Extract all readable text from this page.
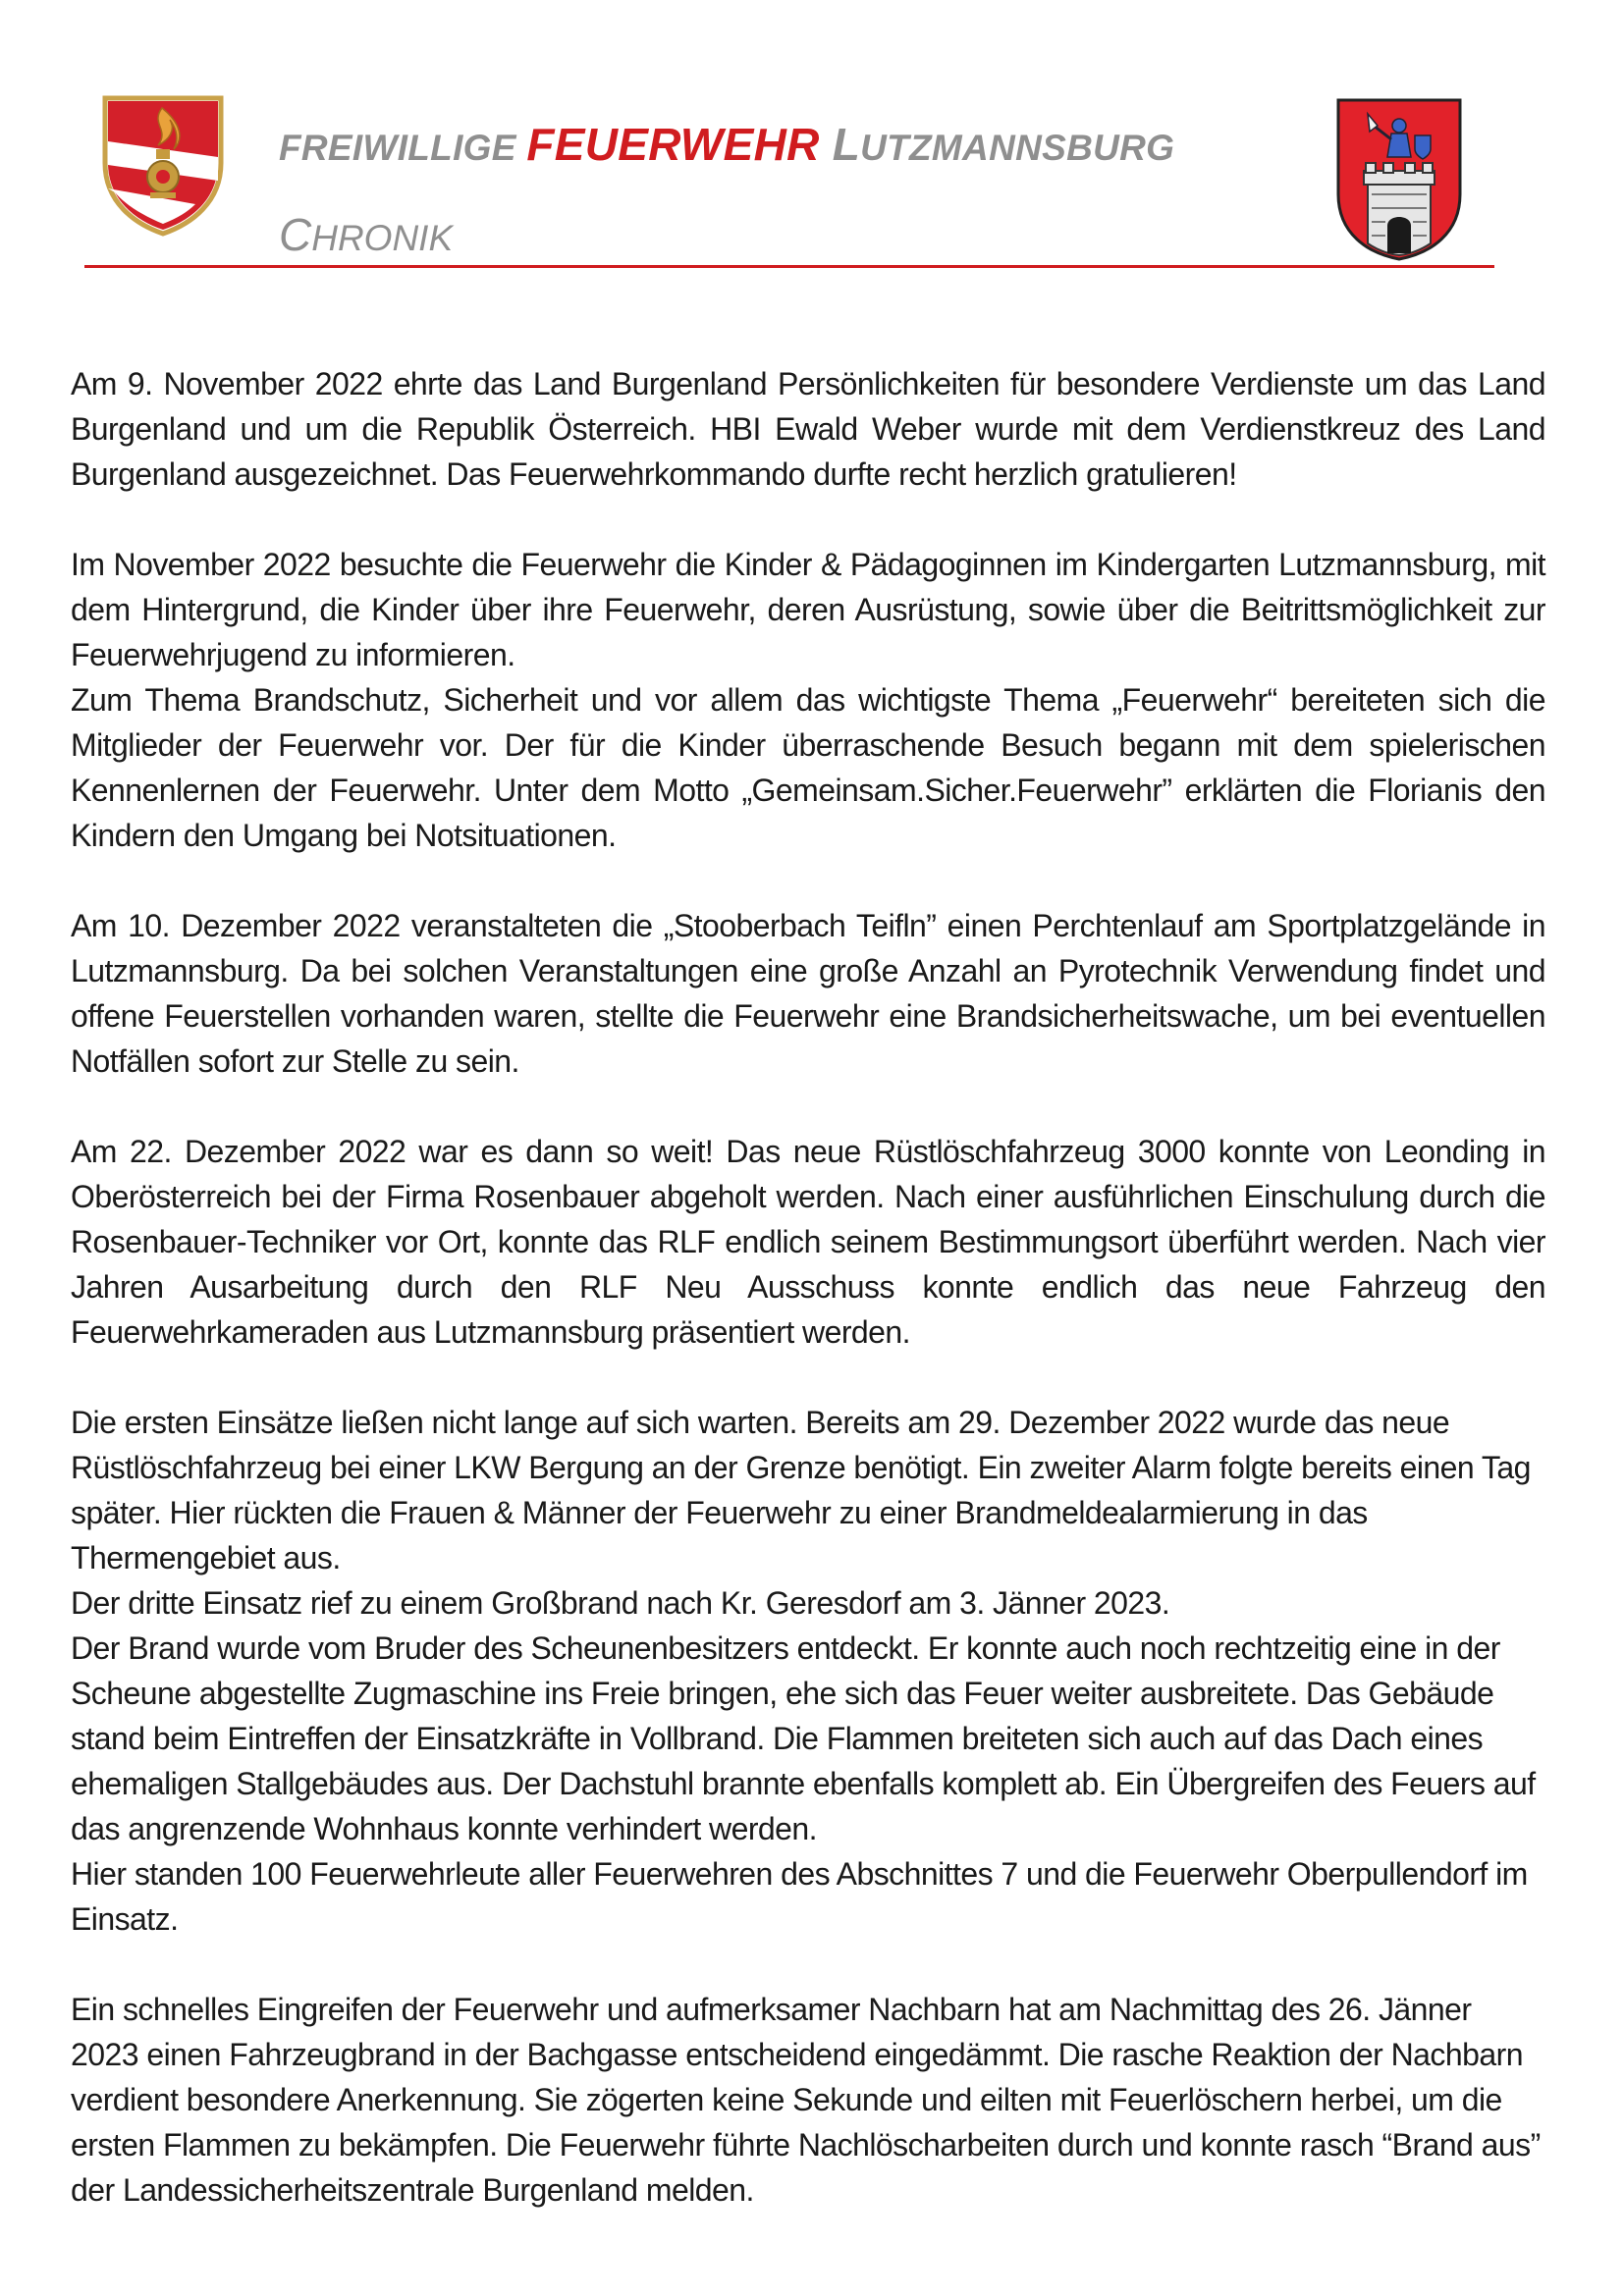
FREIWILLIGE FEUERWEHR LUTZMANNSBURG
CHRONIK

Am 9. November 2022 ehrte das Land Burgenland Persönlichkeiten für besondere Verdienste um das Land Burgenland und um die Republik Österreich. HBI Ewald Weber wurde mit dem Verdienstkreuz des Land Burgenland ausgezeichnet. Das Feuerwehrkommando durfte recht herzlich gratulieren!

Im November 2022 besuchte die Feuerwehr die Kinder & Pädagoginnen im Kindergarten Lutzmannsburg, mit dem Hintergrund, die Kinder über ihre Feuerwehr, deren Ausrüstung, sowie über die Beitrittsmöglichkeit zur Feuerwehrjugend zu informieren.
Zum Thema Brandschutz, Sicherheit und vor allem das wichtigste Thema „Feuerwehr“ bereiteten sich die Mitglieder der Feuerwehr vor. Der für die Kinder überraschende Besuch begann mit dem spielerischen Kennenlernen der Feuerwehr. Unter dem Motto „Gemeinsam.Sicher.Feuerwehr” erklärten die Florianis den Kindern den Umgang bei Notsituationen.

Am 10. Dezember 2022 veranstalteten die „Stooberbach Teifln” einen Perchtenlauf am Sportplatzgelände in Lutzmannsburg. Da bei solchen Veranstaltungen eine große Anzahl an Pyrotechnik Verwendung findet und offene Feuerstellen vorhanden waren, stellte die Feuerwehr eine Brandsicherheitswache, um bei eventuellen Notfällen sofort zur Stelle zu sein.

Am 22. Dezember 2022 war es dann so weit! Das neue Rüstlöschfahrzeug 3000 konnte von Leonding in Oberösterreich bei der Firma Rosenbauer abgeholt werden. Nach einer ausführlichen Einschulung durch die Rosenbauer-Techniker vor Ort, konnte das RLF endlich seinem Bestimmungsort überführt werden. Nach vier Jahren Ausarbeitung durch den RLF Neu Ausschuss konnte endlich das neue Fahrzeug den Feuerwehrkameraden aus Lutzmannsburg präsentiert werden.

Die ersten Einsätze ließen nicht lange auf sich warten. Bereits am 29. Dezember 2022 wurde das neue Rüstlöschfahrzeug bei einer LKW Bergung an der Grenze benötigt. Ein zweiter Alarm folgte bereits einen Tag später. Hier rückten die Frauen & Männer der Feuerwehr zu einer Brandmeldealarmierung in das Thermengebiet aus.
Der dritte Einsatz rief zu einem Großbrand nach Kr. Geresdorf am 3. Jänner 2023.
Der Brand wurde vom Bruder des Scheunenbesitzers entdeckt. Er konnte auch noch rechtzeitig eine in der Scheune abgestellte Zugmaschine ins Freie bringen, ehe sich das Feuer weiter ausbreitete. Das Gebäude stand beim Eintreffen der Einsatzkräfte in Vollbrand. Die Flammen breiteten sich auch auf das Dach eines ehemaligen Stallgebäudes aus. Der Dachstuhl brannte ebenfalls komplett ab. Ein Übergreifen des Feuers auf das angrenzende Wohnhaus konnte verhindert werden.
Hier standen 100 Feuerwehrleute aller Feuerwehren des Abschnittes 7 und die Feuerwehr Oberpullendorf im Einsatz.

Ein schnelles Eingreifen der Feuerwehr und aufmerksamer Nachbarn hat am Nachmittag des 26. Jänner 2023 einen Fahrzeugbrand in der Bachgasse entscheidend eingedämmt. Die rasche Reaktion der Nachbarn verdient besondere Anerkennung. Sie zögerten keine Sekunde und eilten mit Feuerlöschern herbei, um die ersten Flammen zu bekämpfen. Die Feuerwehr führte Nachlöscharbeiten durch und konnte rasch “Brand aus” der Landessicherheitszentrale Burgenland melden.
